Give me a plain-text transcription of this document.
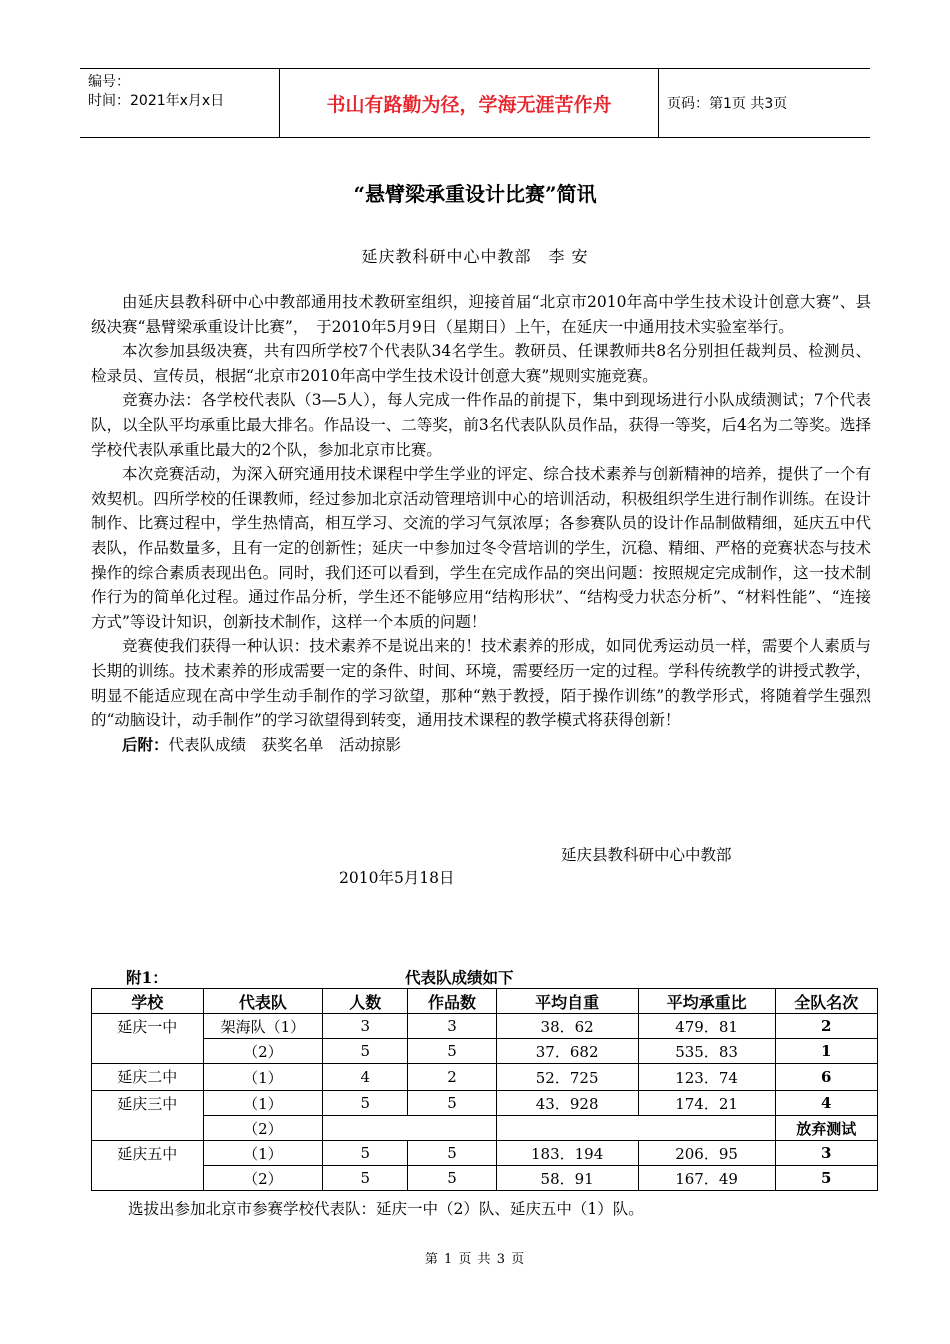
编号：
时间：2021年x月x日	书山有路勤为径，学海无涯苦作舟	页码：第1页 共3页
“悬臂梁承重设计比赛”简讯
延庆教科研中心中教部　李 安

由延庆县教科研中心中教部通用技术教研室组织，迎接首届“北京市2010年高中学生技术设计创意大赛”、县级决赛“悬臂梁承重设计比赛”，　于2010年5月9日（星期日）上午，在延庆一中通用技术实验室举行。

本次参加县级决赛，共有四所学校7个代表队34名学生。教研员、任课教师共8名分别担任裁判员、检测员、检录员、宣传员，根据“北京市2010年高中学生技术设计创意大赛”规则实施竞赛。

竞赛办法：各学校代表队（3—5人），每人完成一件作品的前提下，集中到现场进行小队成绩测试；7个代表队，以全队平均承重比最大排名。作品设一、二等奖，前3名代表队队员作品，获得一等奖，后4名为二等奖。选择学校代表队承重比最大的2个队，参加北京市比赛。

本次竞赛活动，为深入研究通用技术课程中学生学业的评定、综合技术素养与创新精神的培养，提供了一个有效契机。四所学校的任课教师，经过参加北京活动管理培训中心的培训活动，积极组织学生进行制作训练。在设计制作、比赛过程中，学生热情高，相互学习、交流的学习气氛浓厚；各参赛队员的设计作品制做精细，延庆五中代表队，作品数量多，且有一定的创新性；延庆一中参加过冬令营培训的学生，沉稳、精细、严格的竞赛状态与技术操作的综合素质表现出色。同时，我们还可以看到，学生在完成作品的突出问题：按照规定完成制作，这一技术制作行为的简单化过程。通过作品分析，学生还不能够应用“结构形状”、“结构受力状态分析”、“材料性能”、“连接方式”等设计知识，创新技术制作，这样一个本质的问题！

竞赛使我们获得一种认识：技术素养不是说出来的！技术素养的形成，如同优秀运动员一样，需要个人素质与长期的训练。技术素养的形成需要一定的条件、时间、环境，需要经历一定的过程。学科传统教学的讲授式教学，明显不能适应现在高中学生动手制作的学习欲望，那种“熟于教授，陌于操作训练”的教学形式，将随着学生强烈的“动脑设计，动手制作”的学习欲望得到转变，通用技术课程的教学模式将获得创新！

后附：代表队成绩　获奖名单　活动掠影

延庆县教科研中心中教部
2010年5月18日
附1：	代表队成绩如下
学校	代表队	人数	作品数	平均自重	平均承重比	全队名次
延庆一中	架海队（1）	3	3	38．62	479．81	2
	（2）	5	5	37．682	535．83	1
延庆二中	（1）	4	2	52．725	123．74	6
延庆三中	（1）	5	5	43．928	174．21	4
	（2）					放弃测试
延庆五中	（1）	5	5	183．194	206．95	3
	（2）	5	5	58．91	167．49	5
选拔出参加北京市参赛学校代表队：延庆一中（2）队、延庆五中（1）队。
第 1 页 共 3 页
